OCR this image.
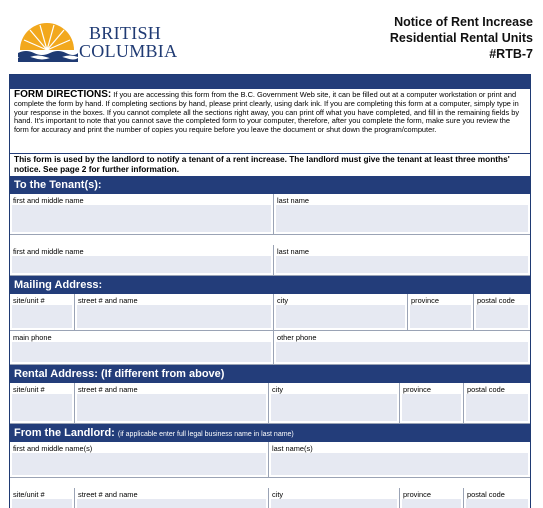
BRITISH
COLUMBIA
Notice of Rent Increase
Residential Rental Units
#RTB-7
FORM DIRECTIONS: If you are accessing this form from the B.C. Government Web site, it can be filled out at a computer workstation or print and complete the form by hand. If completing sections by hand, please print clearly, using dark ink. If you are completing this form at a computer, simply type in your response in the boxes. If you cannot complete all the sections right away, you can print off what you have completed, and fill in the remaining fields by hand. It's important to note that you cannot save the completed form to your computer, therefore, after you complete the form, make sure you review the form for accuracy and print the number of copies you require before you leave the document or shut down the program/computer.
This form is used by the landlord to notify a tenant of a rent increase. The landlord must give the tenant at least three months' notice. See page 2 for further information.
To the Tenant(s):
first and middle name	last name
first and middle name	last name
Mailing Address:
site/unit #	street # and name	city	province	postal code
main phone	other phone
Rental Address: (If different from above)
site/unit #	street # and name	city	province	postal code
From the Landlord: (if applicable enter full legal business name in last name)
first and middle name(s)	last name(s)
site/unit #	street # and name	city	province	postal code
